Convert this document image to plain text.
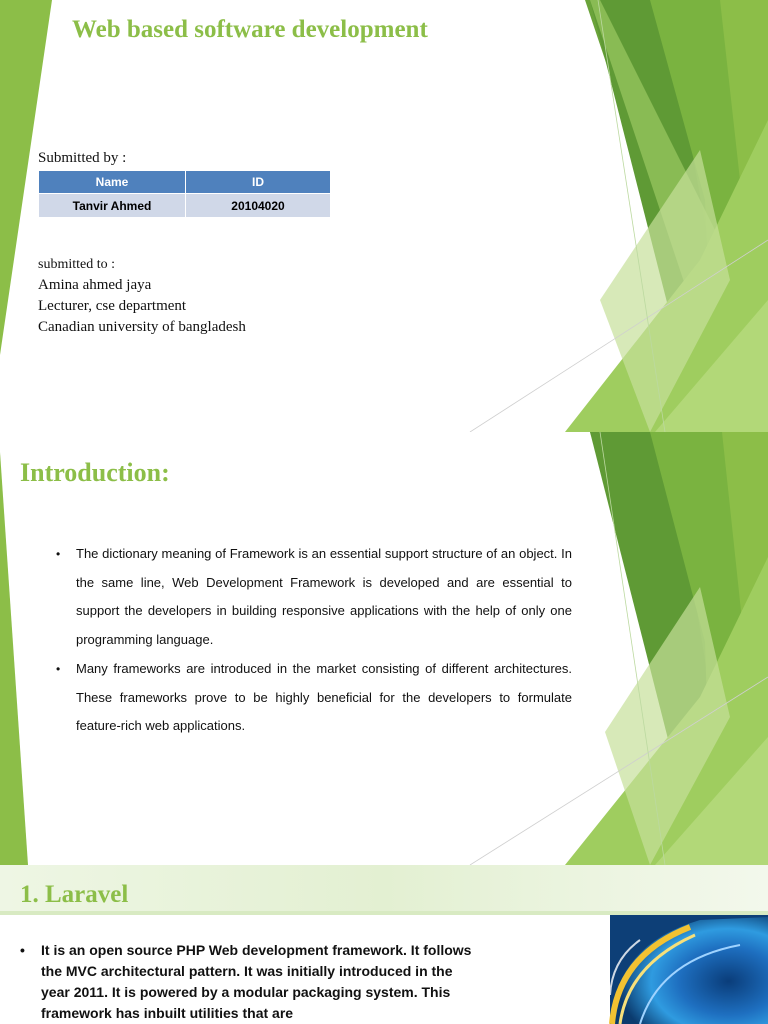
Web based software development
Submitted by :
Name	ID
Tanvir Ahmed	20104020
submitted to :
Amina ahmed jaya
Lecturer, cse department
Canadian university of bangladesh
Introduction:
• The dictionary meaning of Framework is an essential support structure of an object. In the same line, Web Development Framework is developed and are essential to support the developers in building responsive applications with the help of only one programming language.
• Many frameworks are introduced in the market consisting of different architectures. These frameworks prove to be highly beneficial for the developers to formulate feature-rich web applications.
1. Laravel
•	It is an open source PHP Web development framework. It follows the MVC architectural pattern. It was initially introduced in the year 2011. It is powered by a modular packaging system. This framework has inbuilt utilities that are
